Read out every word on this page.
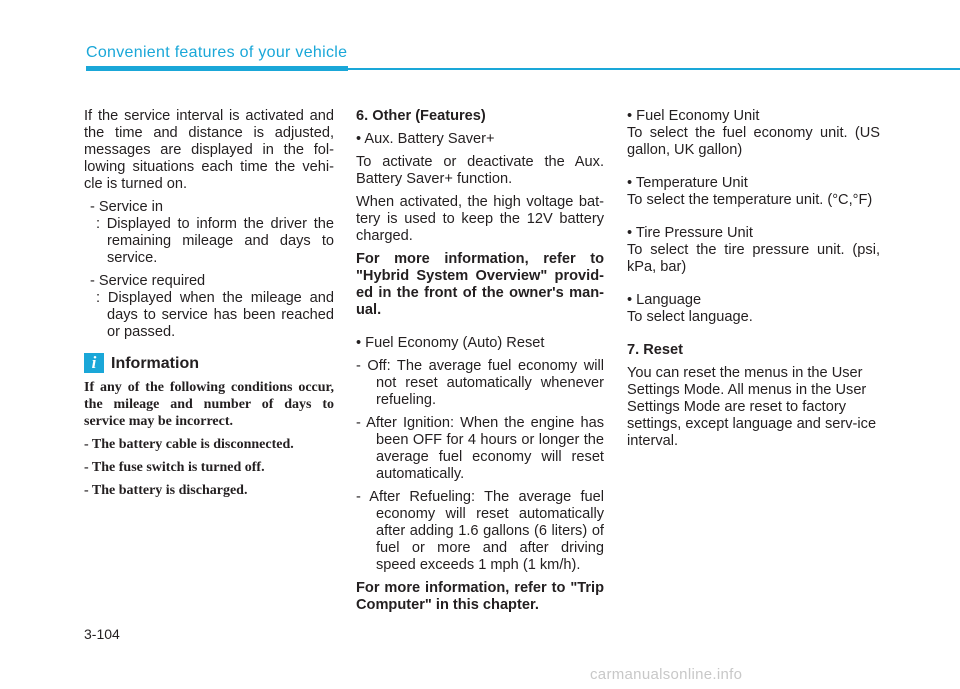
Convenient features of your vehicle

If the service interval is activated and the time and distance is adjusted, messages are displayed in the fol-lowing situations each time the vehi-cle is turned on.

- Service in

: Displayed to inform the driver the remaining mileage and days to service.

- Service required

: Displayed when the mileage and days to service has been reached or passed.

i Information

If any of the following conditions occur, the mileage and number of days to service may be incorrect.

- The battery cable is disconnected.

- The fuse switch is turned off.

- The battery is discharged.

6. Other (Features)

• Aux. Battery Saver+

To activate or deactivate the Aux. Battery Saver+ function.

When activated, the high voltage bat-tery is used to keep the 12V battery charged.

For more information, refer to "Hybrid System Overview" provid-ed in the front of the owner's man-ual.

• Fuel Economy (Auto) Reset

- Off: The average fuel economy will not reset automatically whenever refueling.

- After Ignition: When the engine has been OFF for 4 hours or longer the average fuel economy will reset automatically.

- After Refueling: The average fuel economy will reset automatically after adding 1.6 gallons (6 liters) of fuel or more and after driving speed exceeds 1 mph (1 km/h).

For more information, refer to "Trip Computer" in this chapter.

• Fuel Economy Unit

To select the fuel economy unit. (US gallon, UK gallon)

• Temperature Unit

To select the temperature unit. (°C,°F)

• Tire Pressure Unit

To select the tire pressure unit. (psi, kPa, bar)

• Language

To select language.

7. Reset

You can reset the menus in the User Settings Mode. All menus in the User Settings Mode are reset to factory settings, except language and serv-ice interval.

3-104
carmanualsonline.info
